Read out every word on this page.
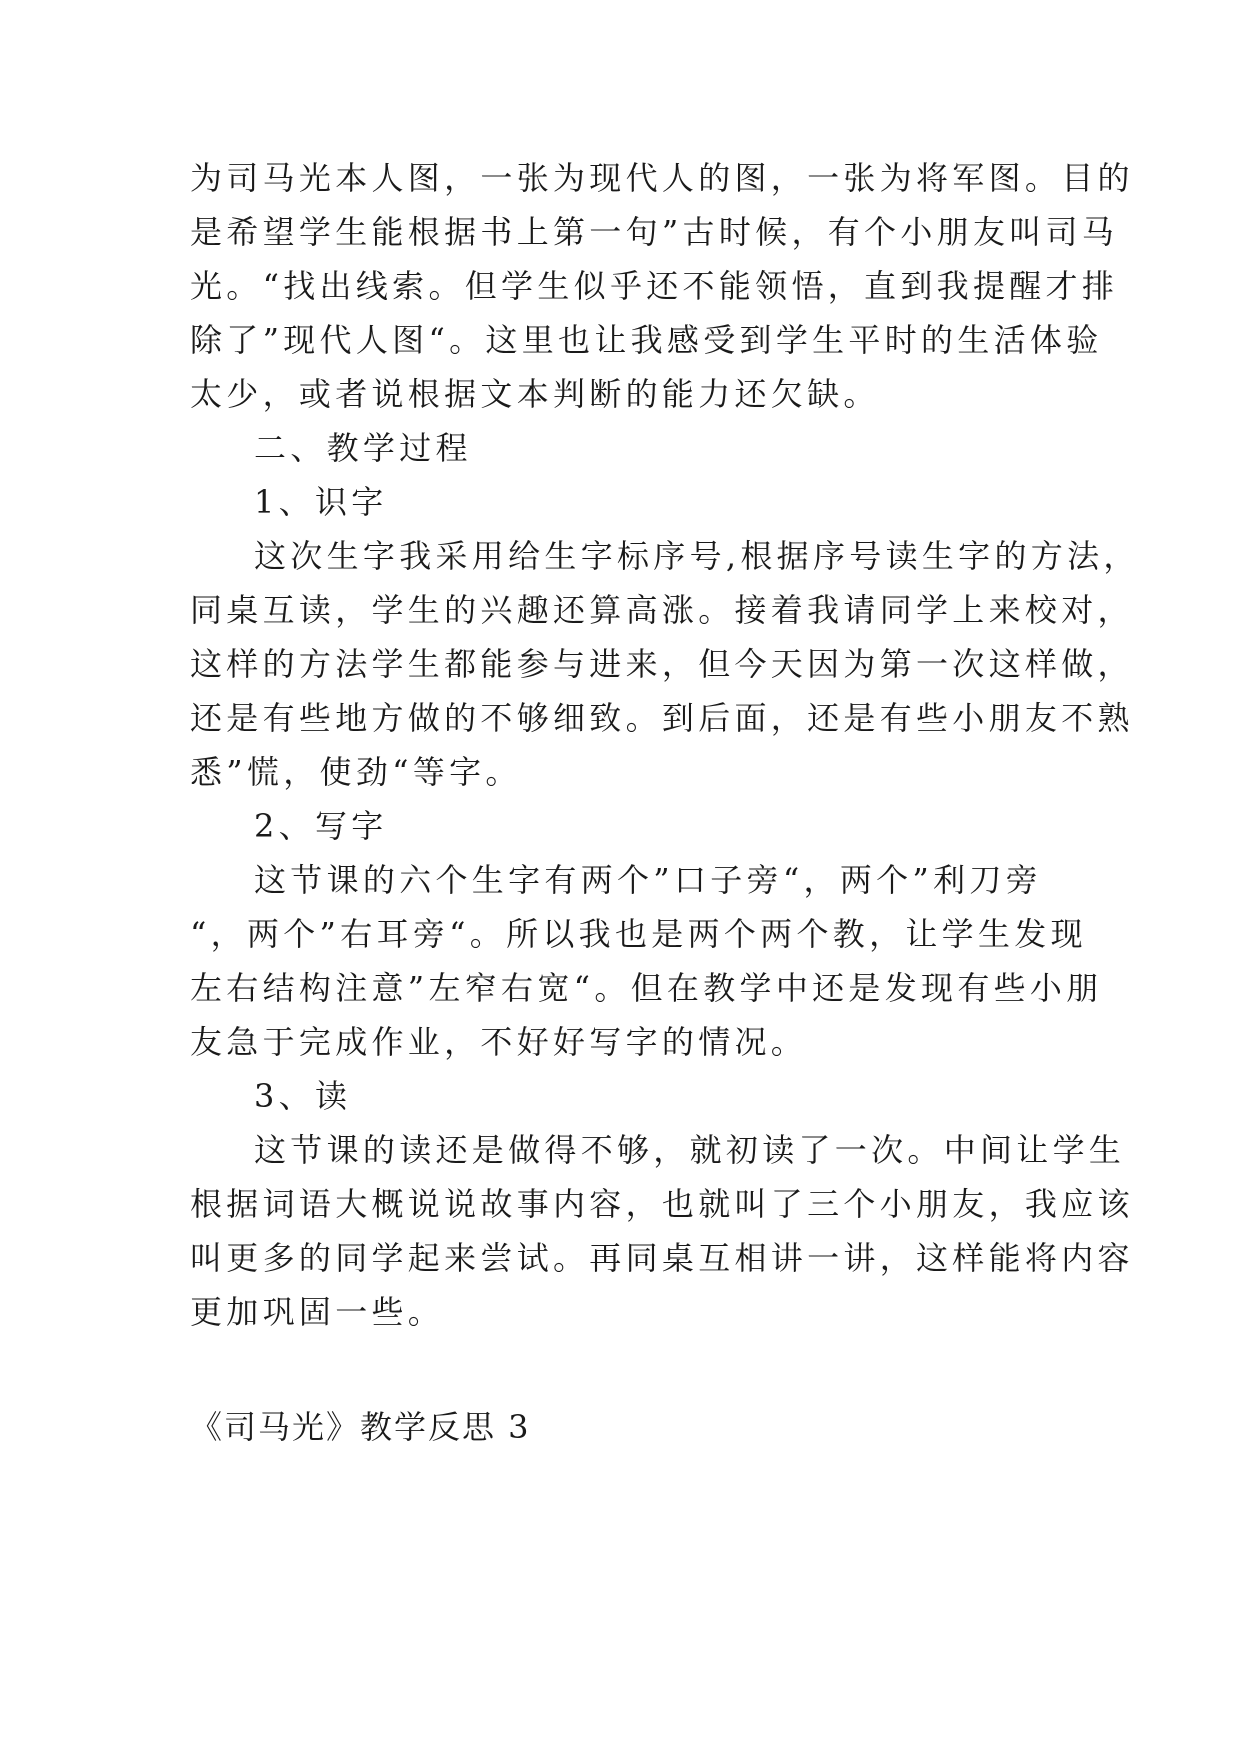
为司马光本人图，一张为现代人的图，一张为将军图。目的
是希望学生能根据书上第一句”古时候，有个小朋友叫司马
光。“找出线索。但学生似乎还不能领悟，直到我提醒才排
除了”现代人图“。这里也让我感受到学生平时的生活体验
太少，或者说根据文本判断的能力还欠缺。
二、教学过程
1、识字
这次生字我采用给生字标序号,根据序号读生字的方法，
同桌互读，学生的兴趣还算高涨。接着我请同学上来校对，
这样的方法学生都能参与进来，但今天因为第一次这样做，
还是有些地方做的不够细致。到后面，还是有些小朋友不熟
悉”慌，使劲“等字。
2、写字
这节课的六个生字有两个”口子旁“，两个”利刀旁
“，两个”右耳旁“。所以我也是两个两个教，让学生发现
左右结构注意”左窄右宽“。但在教学中还是发现有些小朋
友急于完成作业，不好好写字的情况。
3、读
这节课的读还是做得不够，就初读了一次。中间让学生
根据词语大概说说故事内容，也就叫了三个小朋友，我应该
叫更多的同学起来尝试。再同桌互相讲一讲，这样能将内容
更加巩固一些。
《司马光》教学反思 3
